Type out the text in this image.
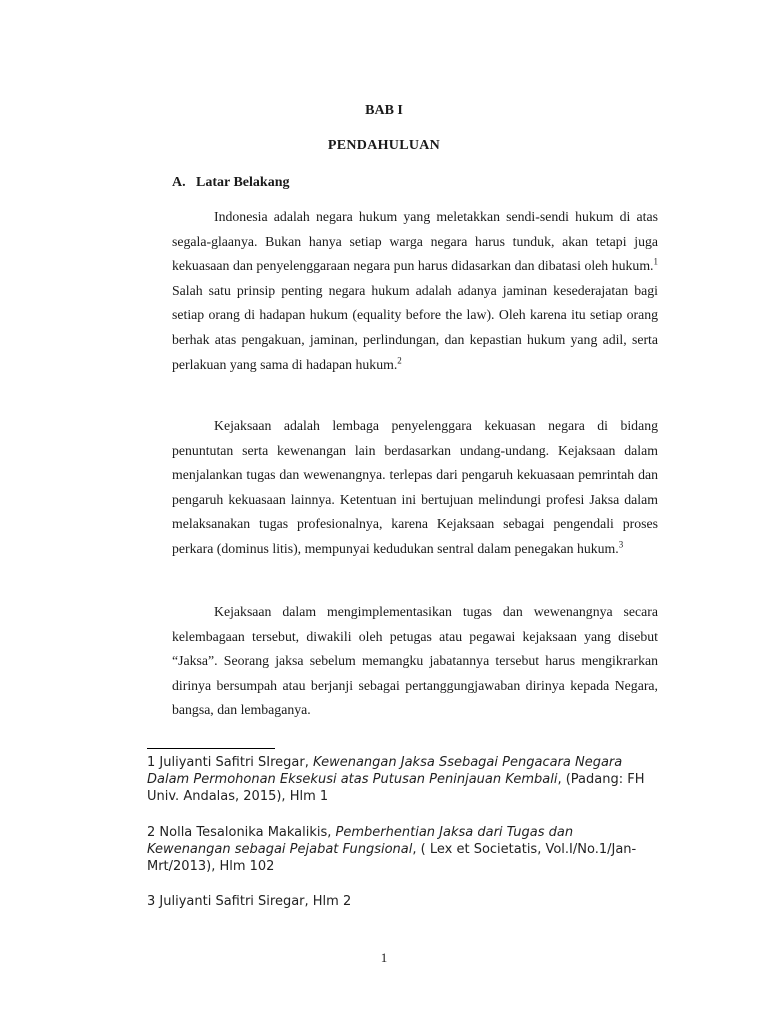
BAB I
PENDAHULUAN
A. Latar Belakang

Indonesia adalah negara hukum yang meletakkan sendi-sendi hukum di atas segala-glaanya. Bukan hanya setiap warga negara harus tunduk, akan tetapi juga kekuasaan dan penyelenggaraan negara pun harus didasarkan dan dibatasi oleh hukum.$^1$ Salah satu prinsip penting negara hukum adalah adanya jaminan kesederajatan bagi setiap orang di hadapan hukum (equality before the law). Oleh karena itu setiap orang berhak atas pengakuan, jaminan, perlindungan, dan kepastian hukum yang adil, serta perlakuan yang sama di hadapan hukum.$^2$

Kejaksaan adalah lembaga penyelenggara kekuasan negara di bidang penuntutan serta kewenangan lain berdasarkan undang-undang. Kejaksaan dalam menjalankan tugas dan wewenangnya. terlepas dari pengaruh kekuasaan pemrintah dan pengaruh kekuasaan lainnya. Ketentuan ini bertujuan melindungi profesi Jaksa dalam melaksanakan tugas profesionalnya, karena Kejaksaan sebagai pengendali proses perkara (dominus litis), mempunyai kedudukan sentral dalam penegakan hukum.$^3$

Kejaksaan dalam mengimplementasikan tugas dan wewenangnya secara kelembagaan tersebut, diwakili oleh petugas atau pegawai kejaksaan yang disebut “Jaksa”. Seorang jaksa sebelum memangku jabatannya tersebut harus mengikrarkan dirinya bersumpah atau berjanji sebagai pertanggungjawaban dirinya kepada Negara, bangsa, dan lembaganya.

1 Juliyanti Safitri SIregar, Kewenangan Jaksa Ssebagai Pengacara Negara Dalam Permohonan Eksekusi atas Putusan Peninjauan Kembali, (Padang: FH Univ. Andalas, 2015), Hlm 1

2 Nolla Tesalonika Makalikis, Pemberhentian Jaksa dari Tugas dan Kewenangan sebagai Pejabat Fungsional, ( Lex et Societatis, Vol.I/No.1/Jan-Mrt/2013), Hlm 102

3 Juliyanti Safitri Siregar, Hlm 2

1
